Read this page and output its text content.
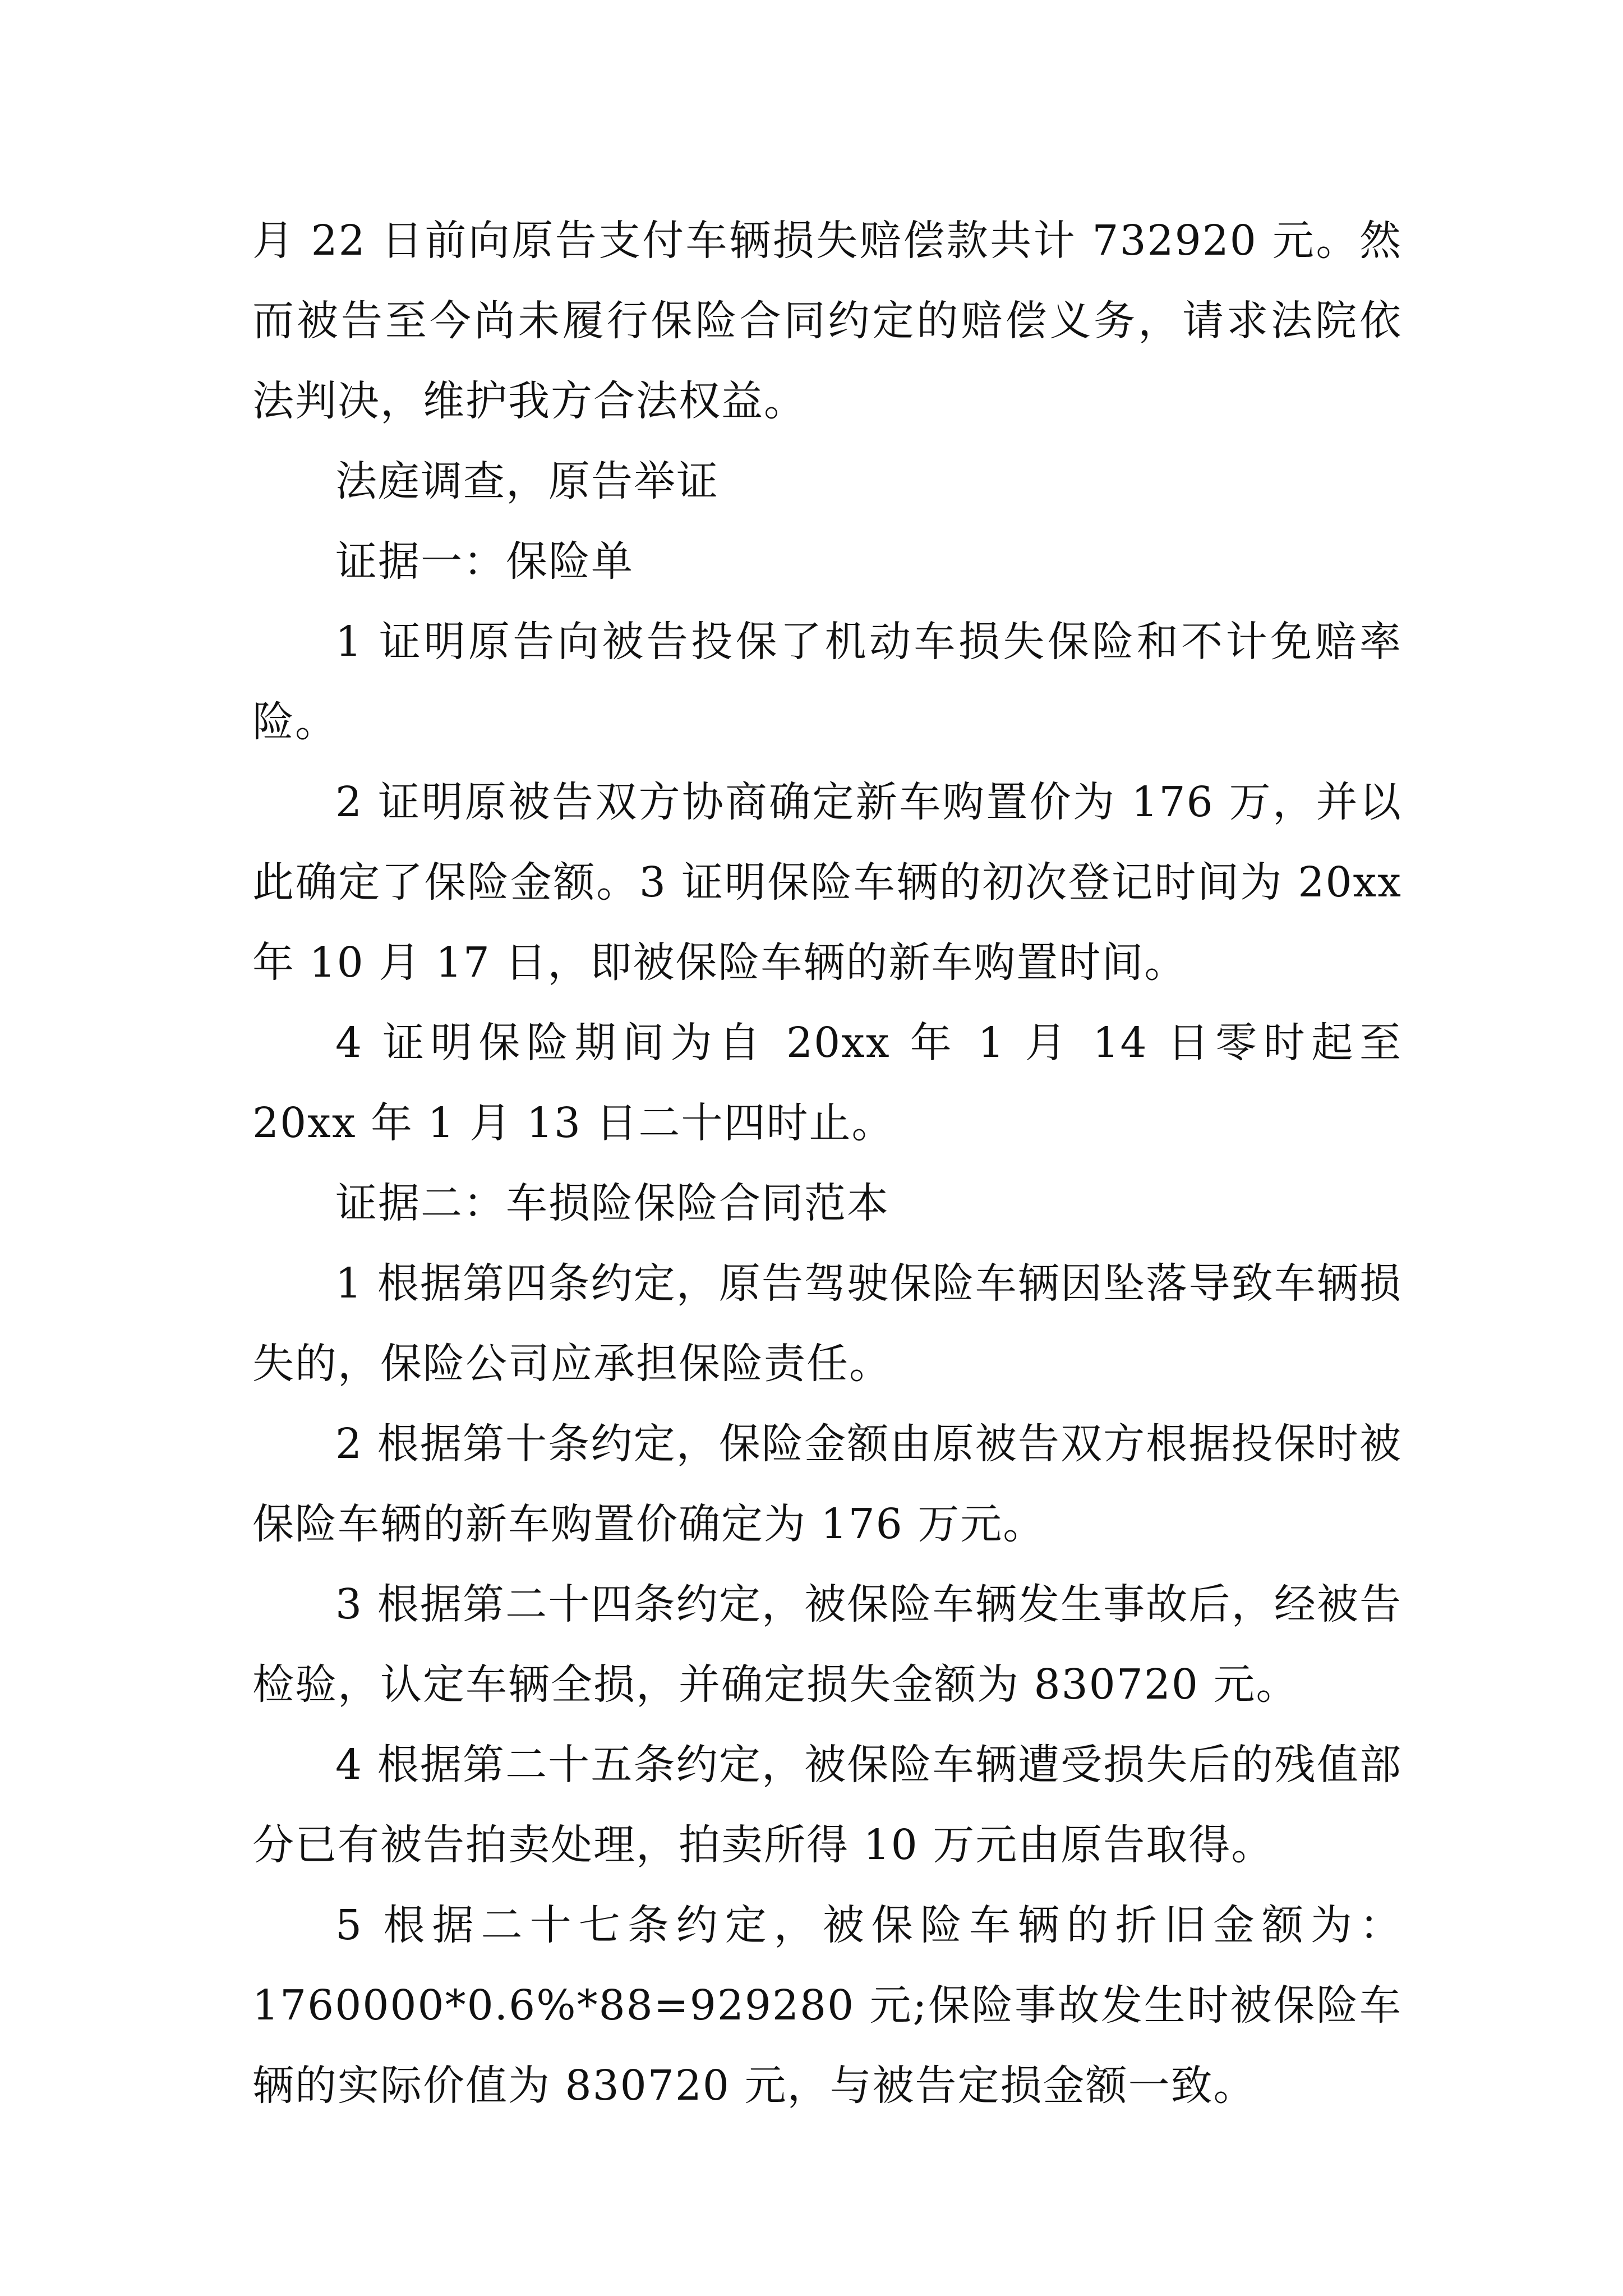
月 22 日前向原告支付车辆损失赔偿款共计 732920 元。然而被告至今尚未履行保险合同约定的赔偿义务，请求法院依法判决，维护我方合法权益。

法庭调查，原告举证

证据一：保险单

1 证明原告向被告投保了机动车损失保险和不计免赔率险。

2 证明原被告双方协商确定新车购置价为 176 万，并以此确定了保险金额。3 证明保险车辆的初次登记时间为 20xx 年 10 月 17 日，即被保险车辆的新车购置时间。

4 证明保险期间为自 20xx 年 1 月 14 日零时起至 20xx 年 1 月 13 日二十四时止。

证据二：车损险保险合同范本

1 根据第四条约定，原告驾驶保险车辆因坠落导致车辆损失的，保险公司应承担保险责任。

2 根据第十条约定，保险金额由原被告双方根据投保时被保险车辆的新车购置价确定为 176 万元。

3 根据第二十四条约定，被保险车辆发生事故后，经被告检验，认定车辆全损，并确定损失金额为 830720 元。

4 根据第二十五条约定，被保险车辆遭受损失后的残值部分已有被告拍卖处理，拍卖所得 10 万元由原告取得。

5 根据二十七条约定，被保险车辆的折旧金额为：1760000*0.6%*88=929280 元;保险事故发生时被保险车辆的实际价值为 830720 元，与被告定损金额一致。
